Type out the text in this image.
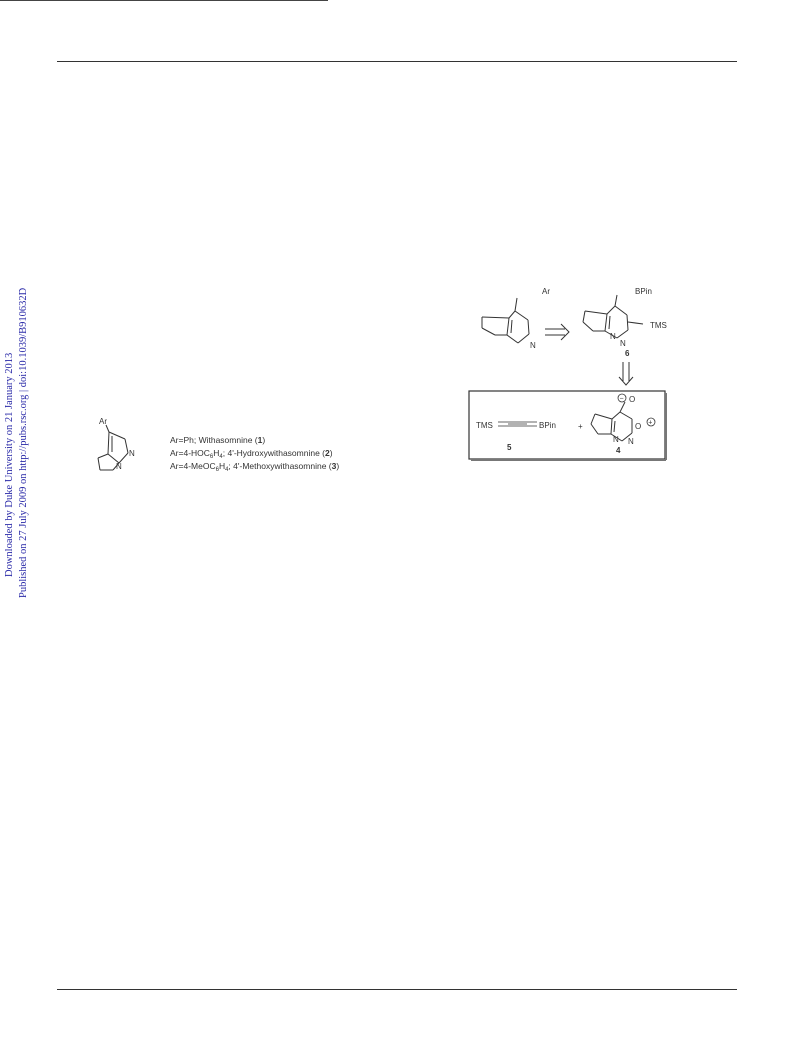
Downloaded by Duke University on 21 January 2013 Published on 27 July 2009 on http://pubs.rsc.org | doi:10.1039/B910632D	Ar
N
N
Ar=Ph; Withasomnine (1)
$Ar=4-HOC_6H_4$; 4'-Hydroxywithasomnine (2)
$Ar=4-MeOC_6H_4$; 4'-Methoxywithasomnine (3)
Ar
N
BPin
TMS
N
N
6
TMS	BPin
5
+
− O
O +
N N
4
